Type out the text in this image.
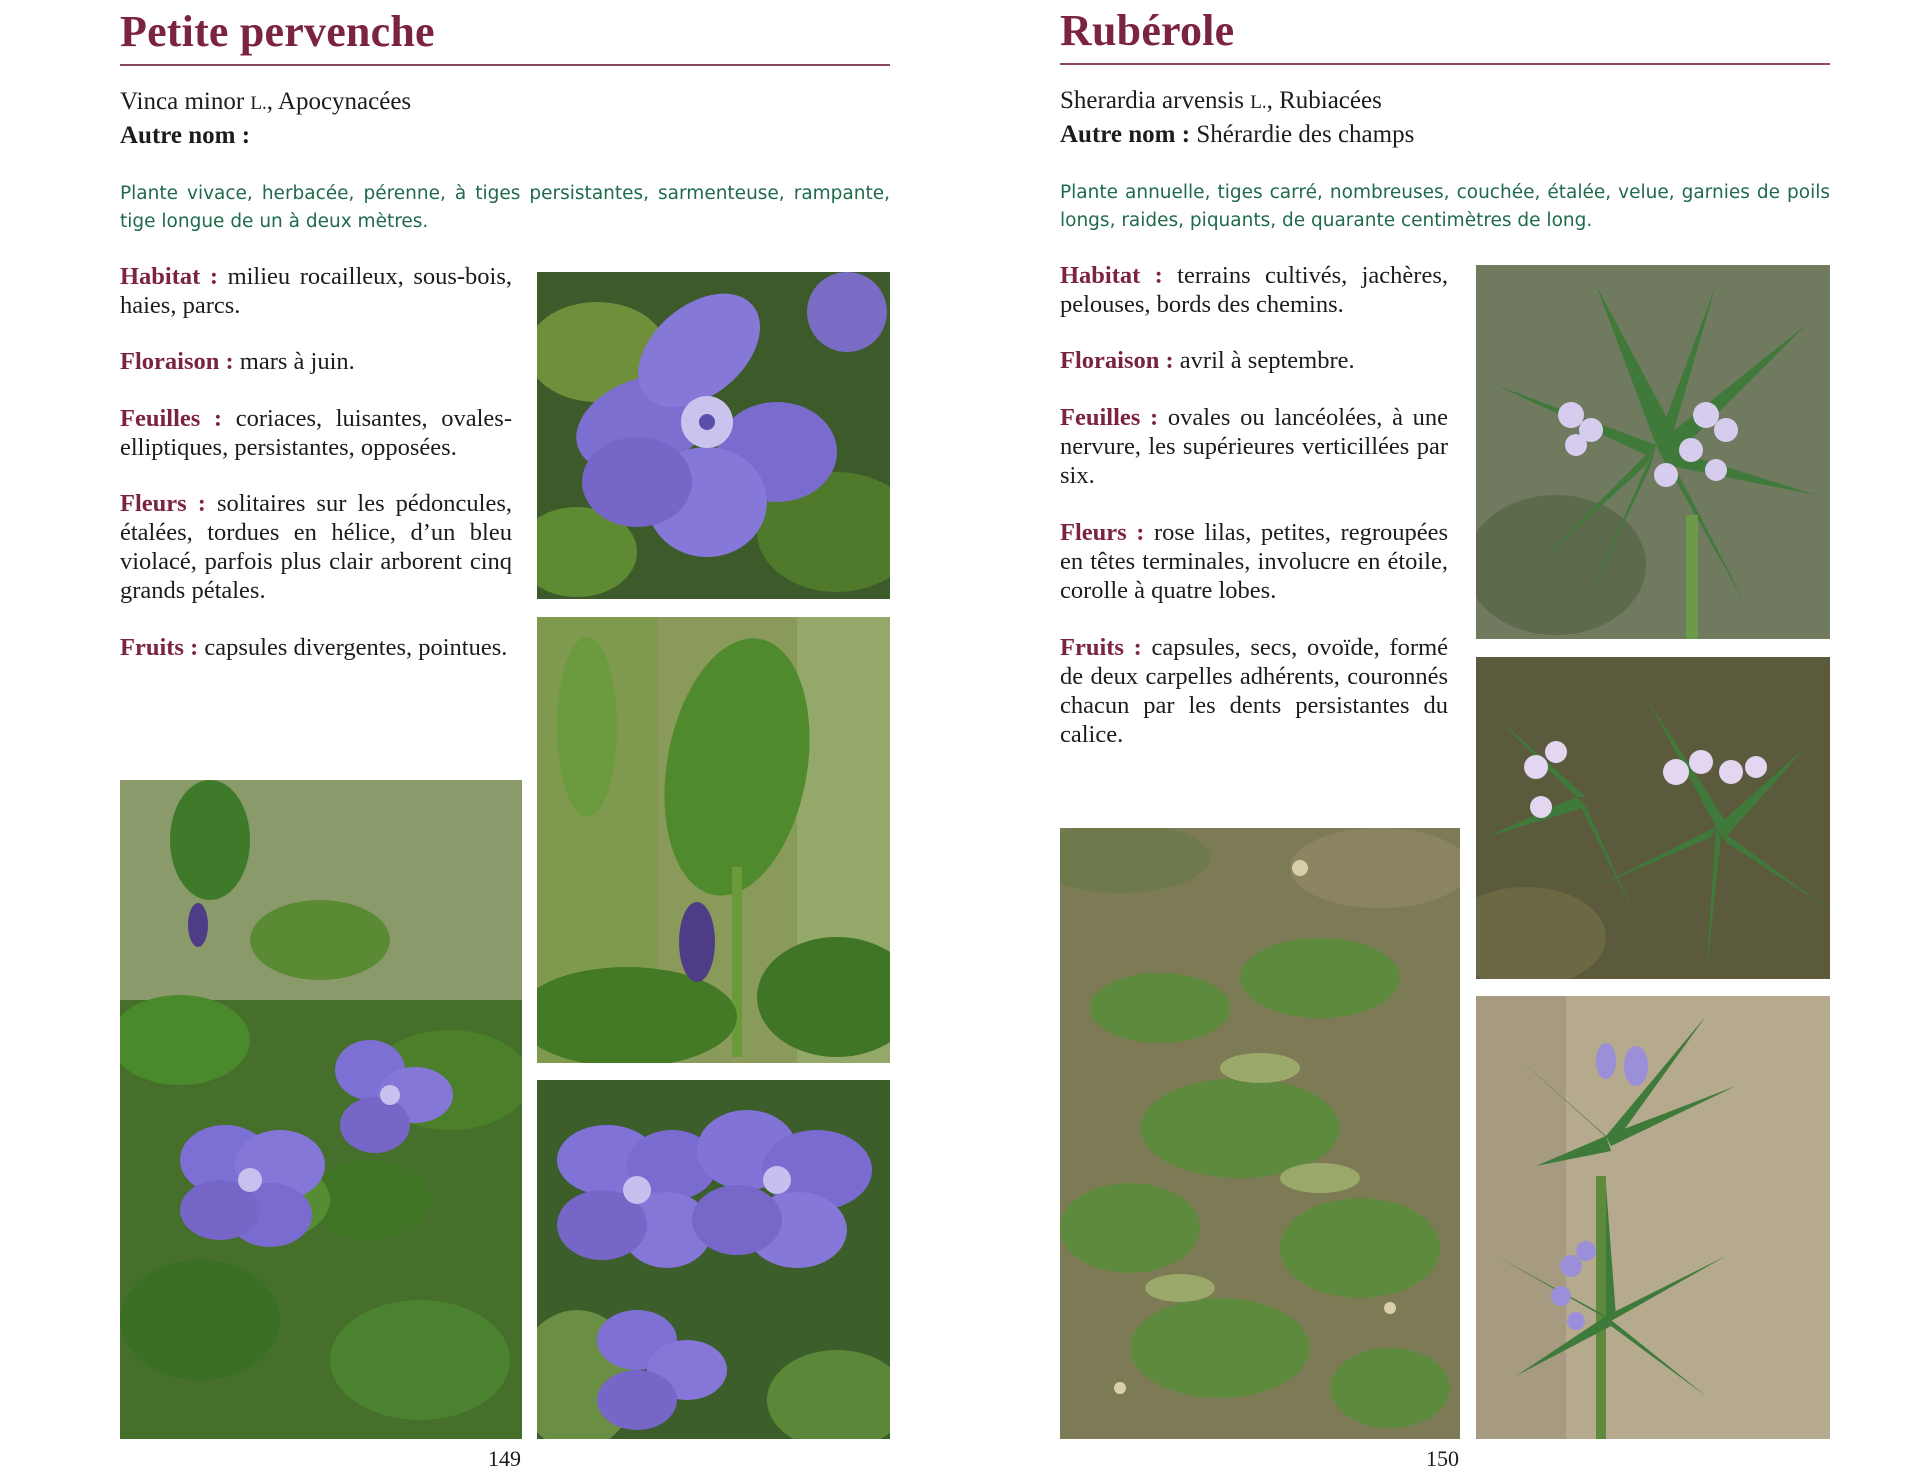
Petite pervenche
Vinca minor L., Apocynacées
Autre nom :
Plante vivace, herbacée, pérenne, à tiges persistantes, sarmenteuse, rampante, tige longue de un à deux mètres.
Habitat : milieu rocailleux, sous-bois, haies, parcs.
Floraison : mars à juin.
Feuilles : coriaces, luisantes, ovales-elliptiques, persistantes, opposées.
Fleurs : solitaires sur les pédoncules, étalées, tordues en hélice, d’un bleu violacé, parfois plus clair arborent cinq grands pétales.
Fruits : capsules divergentes, pointues.
149
Rubérole
Sherardia arvensis L., Rubiacées
Autre nom : Shérardie des champs
Plante annuelle, tiges carré, nombreuses, couchée, étalée, velue, garnies de poils longs, raides, piquants, de quarante centimètres de long.
Habitat : terrains cultivés, jachères, pelouses, bords des chemins.
Floraison : avril à septembre.
Feuilles : ovales ou lancéolées, à une nervure, les supérieures verticillées par six.
Fleurs : rose lilas, petites, regroupées en têtes terminales, involucre en étoile, corolle à quatre lobes.
Fruits : capsules, secs, ovoïde, formé de deux carpelles adhérents, couronnés chacun par les dents persistantes du calice.
150
